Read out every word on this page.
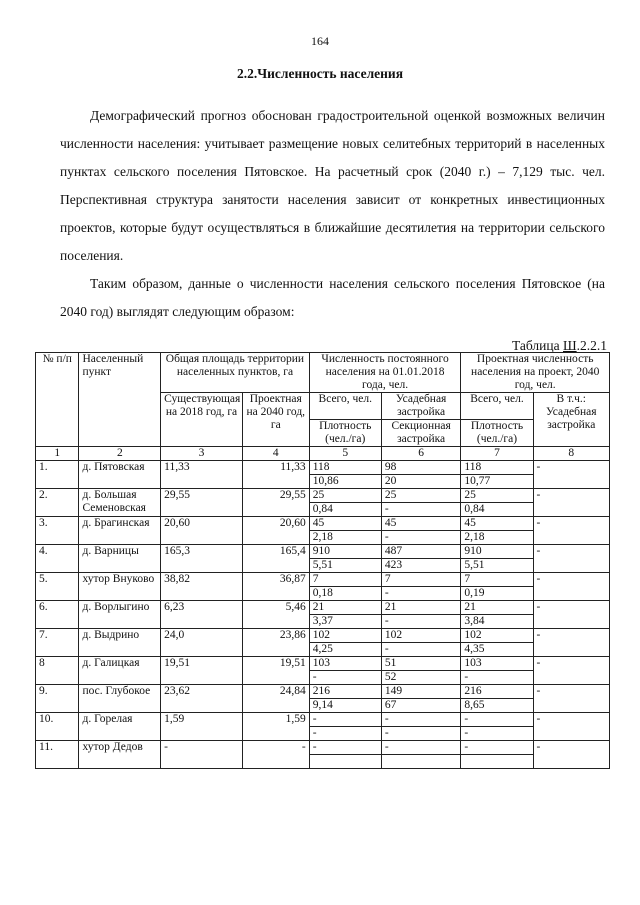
164
2.2.Численность населения
Демографический прогноз обоснован градостроительной оценкой возможных величин численности населения: учитывает размещение новых селитебных территорий в населенных пунктах сельского поселения Пятовское. На расчетный срок (2040 г.) – 7,129 тыс. чел. Перспективная структура занятости населения зависит от конкретных инвестиционных проектов, которые будут осуществляться в ближайшие десятилетия на территории сельского поселения.
Таким образом, данные о численности населения сельского поселения Пятовское (на 2040 год) выглядят следующим образом:
Таблица Ш.2.2.1
№ п/п	Населенный пункт	Общая площадь территории населенных пунктов, га		Численность постоянного населения на 01.01.2018 года, чел.		Проектная численность населения на проект, 2040 год, чел.	
		Существующая на 2018 год, га	Проектная на 2040 год, га	Всего, чел.	Усадебная застройка	Всего, чел.	В т.ч.: Усадебная застройка
				Плотность (чел./га)	Секционная застройка	Плотность (чел./га)	
1	2	3	4	5	6	7	8
1.	д. Пятовская	11,33	11,33	118	98	118	-
				10,86	20	10,77	
2.	д. Большая Семеновская	29,55	29,55	25	25	25	-
				0,84	-	0,84	
3.	д. Брагинская	20,60	20,60	45	45	45	-
				2,18	-	2,18	
4.	д. Варницы	165,3	165,4	910	487	910	-
				5,51	423	5,51	
5.	хутор Внуково	38,82	36,87	7	7	7	-
				0,18	-	0,19	
6.	д. Ворлыгино	6,23	5,46	21	21	21	-
				3,37	-	3,84	
7.	д. Выдрино	24,0	23,86	102	102	102	-
				4,25	-	4,35	
8	д. Галицкая	19,51	19,51	103	51	103	-
				-	52	-	
9.	пос. Глубокое	23,62	24,84	216	149	216	-
				9,14	67	8,65	
10.	д. Горелая	1,59	1,59	-	-	-	-
				-	-	-	
11.	хутор Дедов	-	-	-	-	-	-
